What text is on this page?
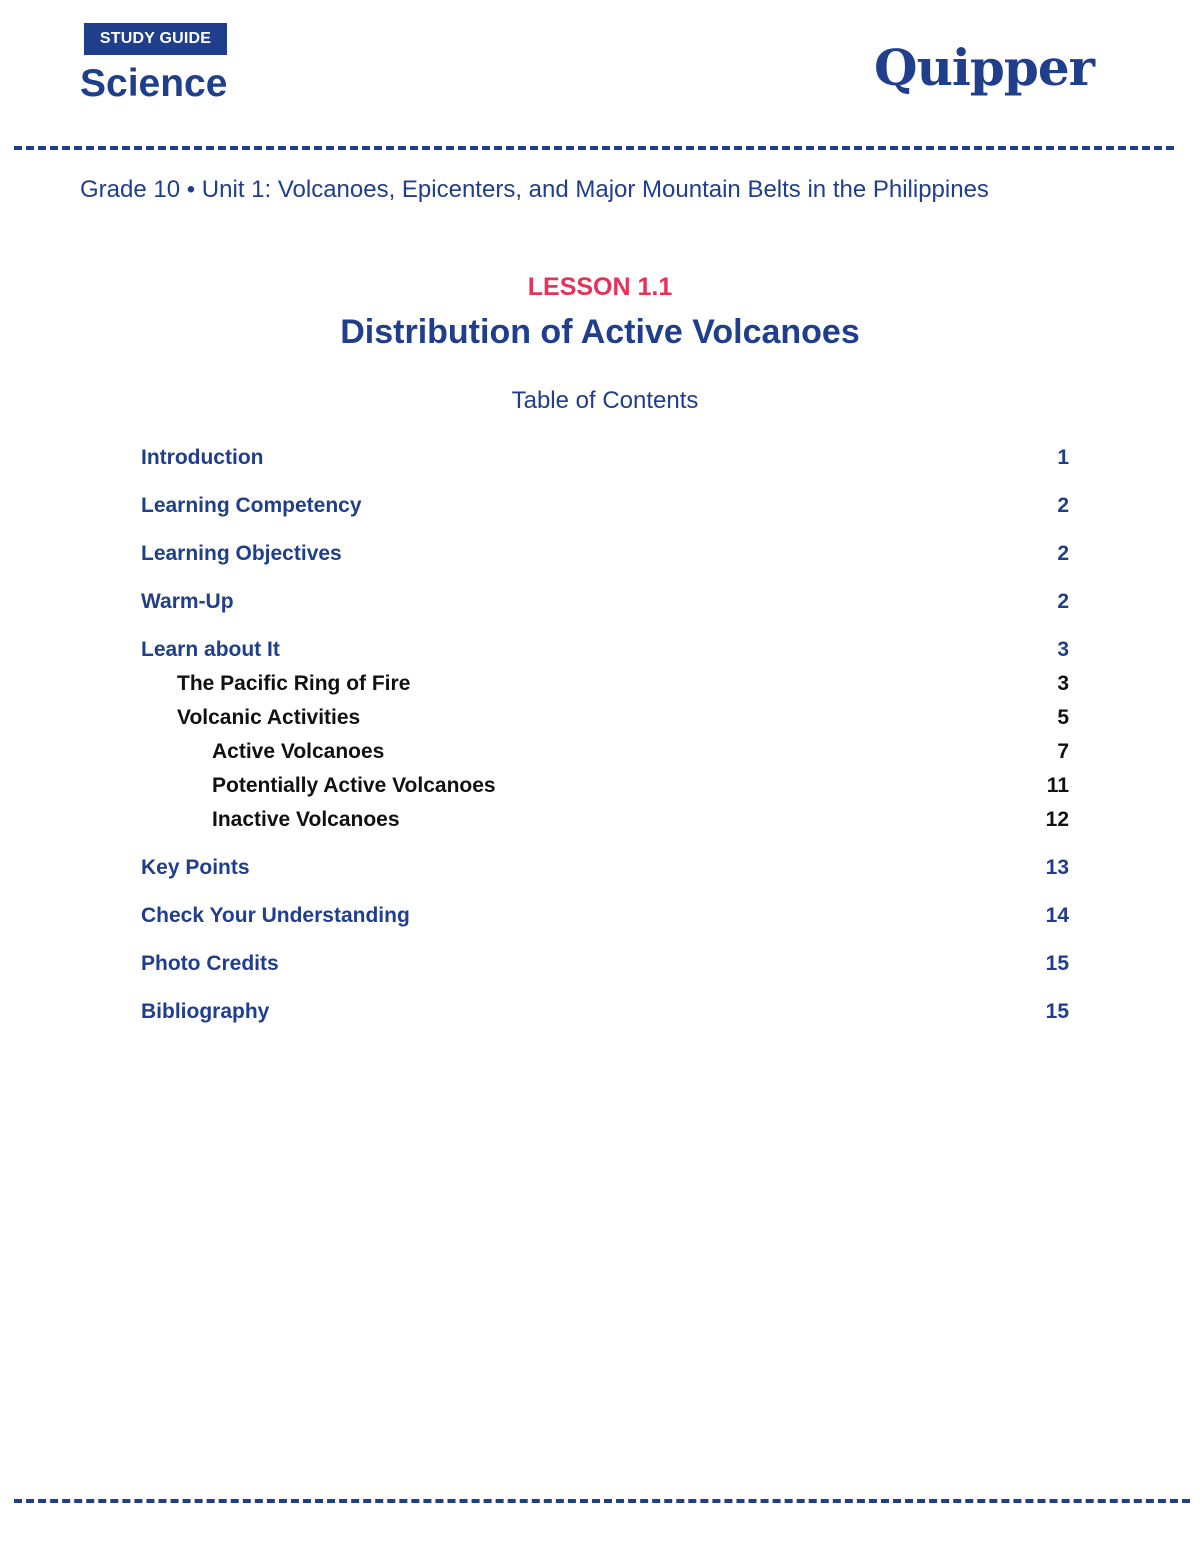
STUDY GUIDE
Science	Quipper
Grade 10 • Unit 1: Volcanoes, Epicenters, and Major Mountain Belts in the Philippines
LESSON 1.1
Distribution of Active Volcanoes
Table of Contents
Introduction	1
Learning Competency	2
Learning Objectives	2
Warm-Up	2
Learn about It	3
The Pacific Ring of Fire	3
Volcanic Activities	5
Active Volcanoes	7
Potentially Active Volcanoes	11
Inactive Volcanoes	12
Key Points	13
Check Your Understanding	14
Photo Credits	15
Bibliography	15
